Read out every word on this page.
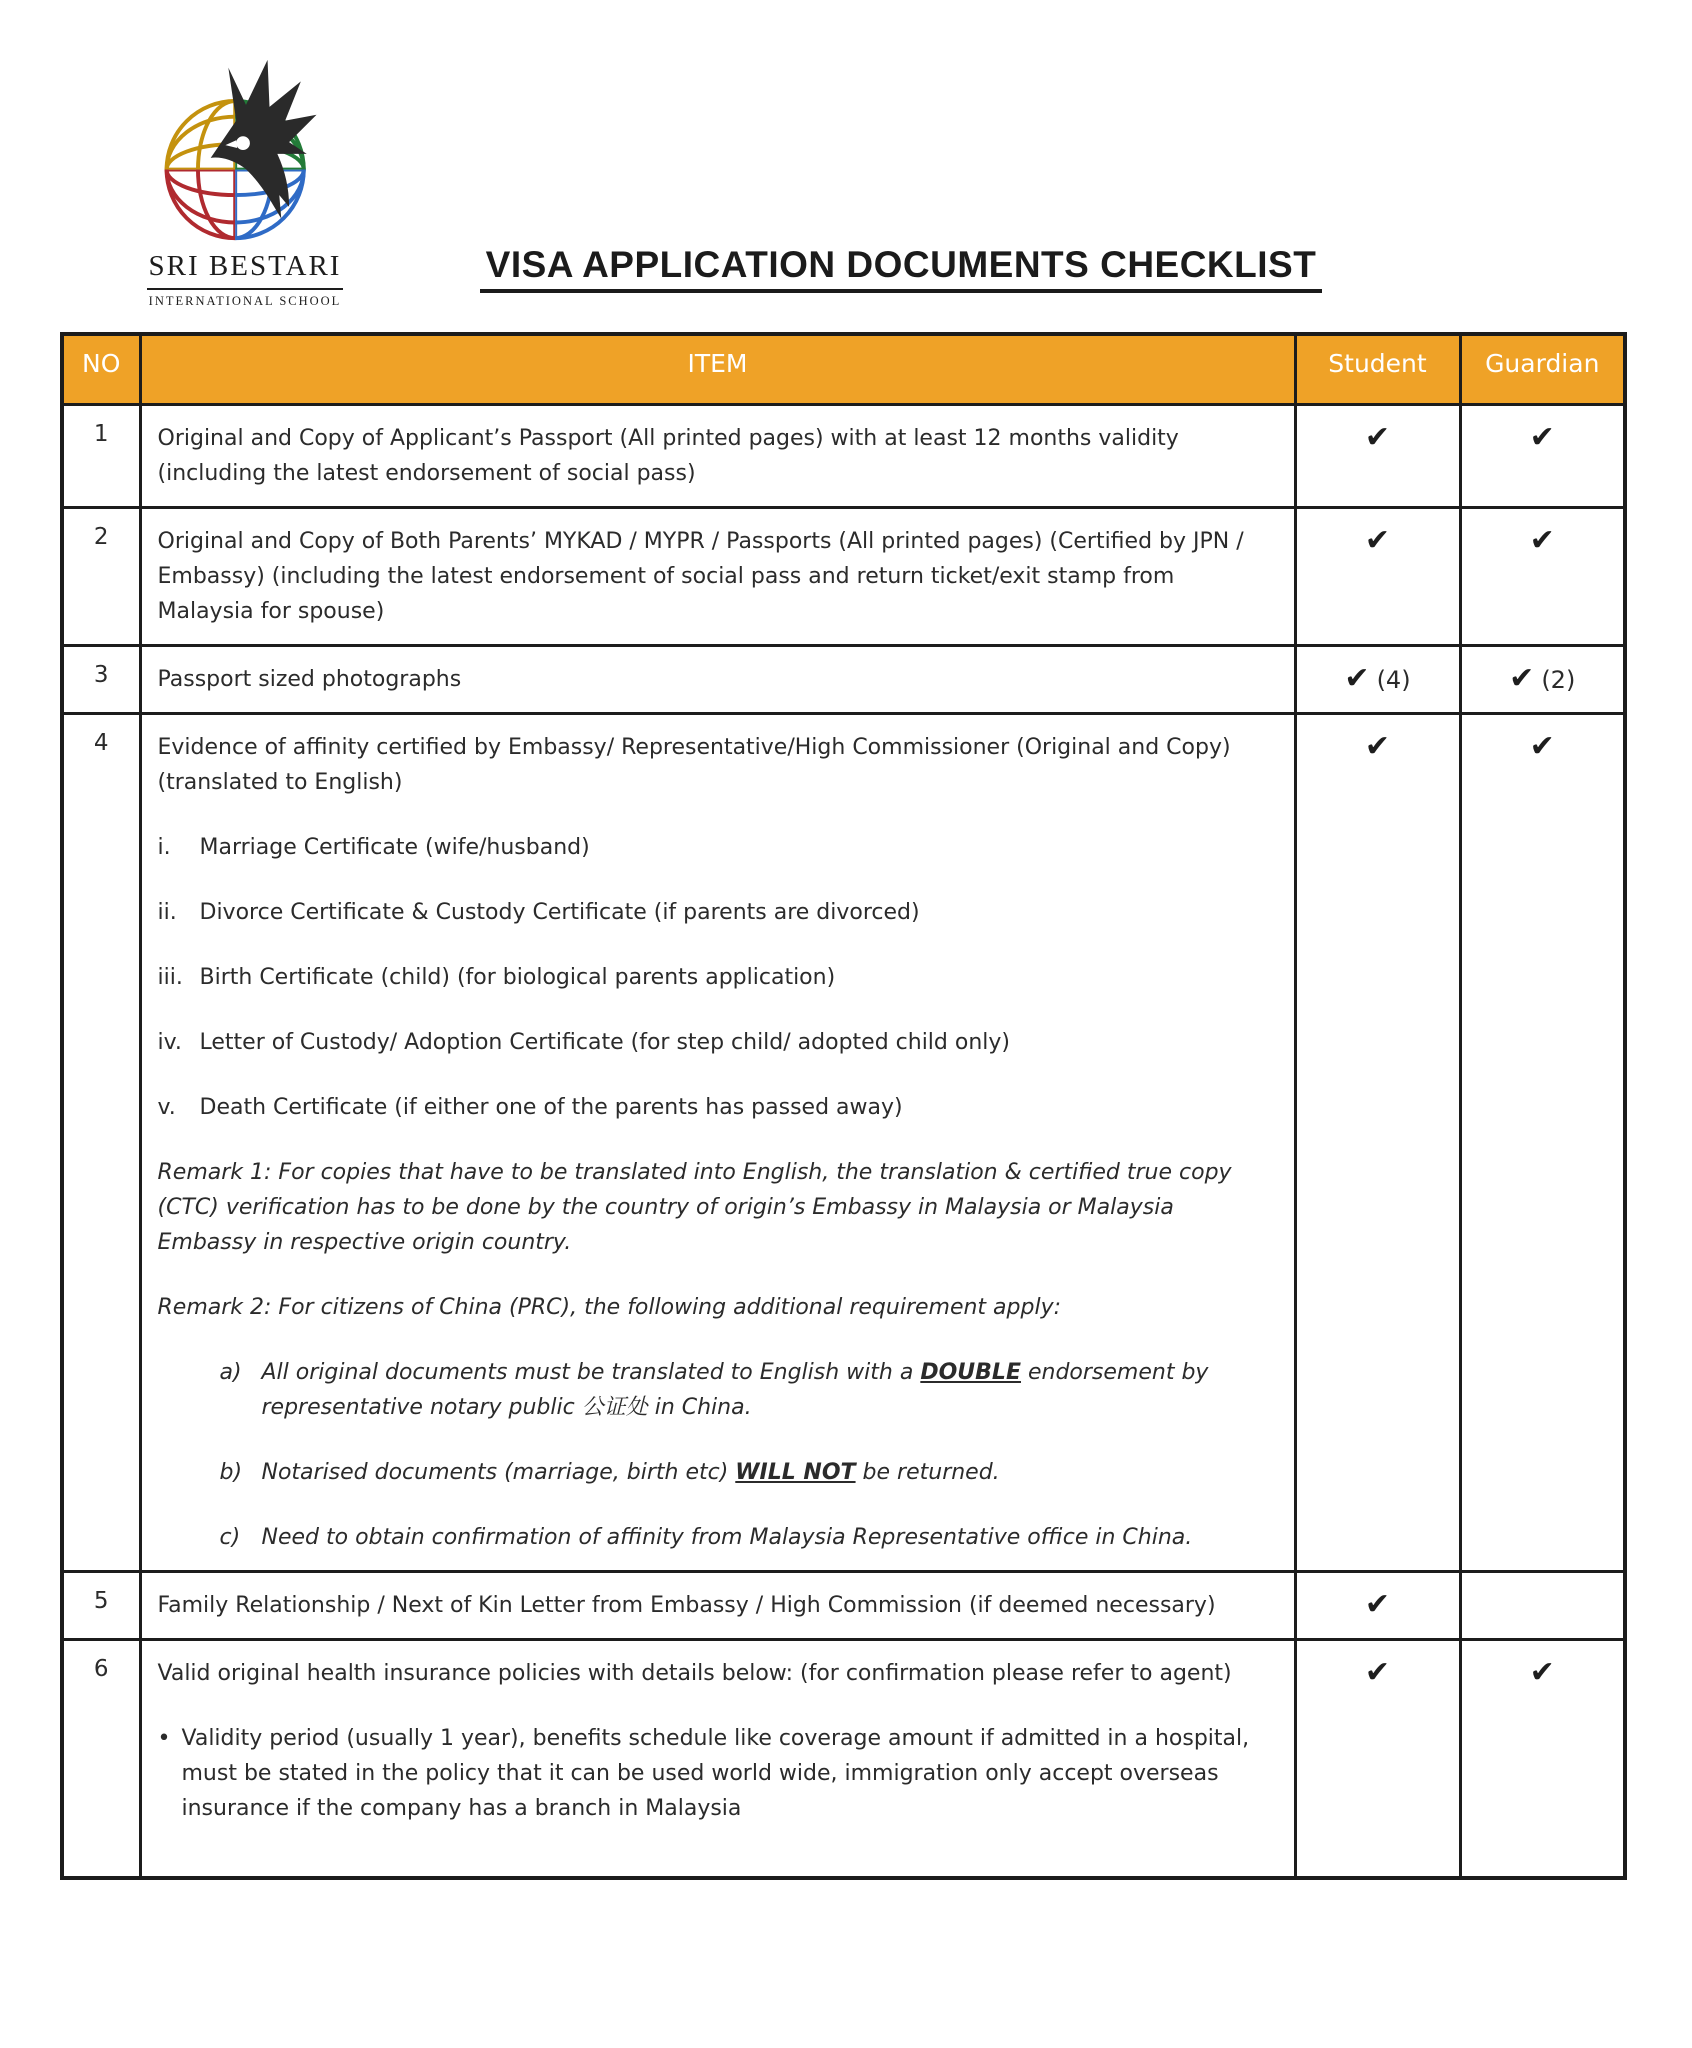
SRI BESTARI
INTERNATIONAL SCHOOL
VISA APPLICATION DOCUMENTS CHECKLIST
NO	ITEM	Student	Guardian
1	Original and Copy of Applicant’s Passport (All printed pages) with at least 12 months validity (including the latest endorsement of social pass)	✔	✔
2	Original and Copy of Both Parents’ MYKAD / MYPR / Passports (All printed pages) (Certified by JPN / Embassy) (including the latest endorsement of social pass and return ticket/exit stamp from Malaysia for spouse)	✔	✔
3	Passport sized photographs	✔ (4)	✔ (2)
4	Evidence of affinity certified by Embassy/ Representative/High Commissioner (Original and Copy) (translated to English)
i.	Marriage Certificate (wife/husband)
ii.	Divorce Certificate & Custody Certificate (if parents are divorced)
iii. Birth Certificate (child) (for biological parents application)
iv. Letter of Custody/ Adoption Certificate (for step child/ adopted child only)
v.	Death Certificate (if either one of the parents has passed away)
Remark 1: For copies that have to be translated into English, the translation & certified true copy (CTC) verification has to be done by the country of origin’s Embassy in Malaysia or Malaysia Embassy in respective origin country.
Remark 2: For citizens of China (PRC), the following additional requirement apply:
a) All original documents must be translated to English with a DOUBLE endorsement by representative notary public 公证处 in China.
b) Notarised documents (marriage, birth etc) WILL NOT be returned.
c) Need to obtain confirmation of affinity from Malaysia Representative office in China.
	✔	✔
5	Family Relationship / Next of Kin Letter from Embassy / High Commission (if deemed necessary)	✔	
6	Valid original health insurance policies with details below: (for confirmation please refer to agent)
• Validity period (usually 1 year), benefits schedule like coverage amount if admitted in a hospital, must be stated in the policy that it can be used world wide, immigration only accept overseas insurance if the company has a branch in Malaysia	✔	✔
